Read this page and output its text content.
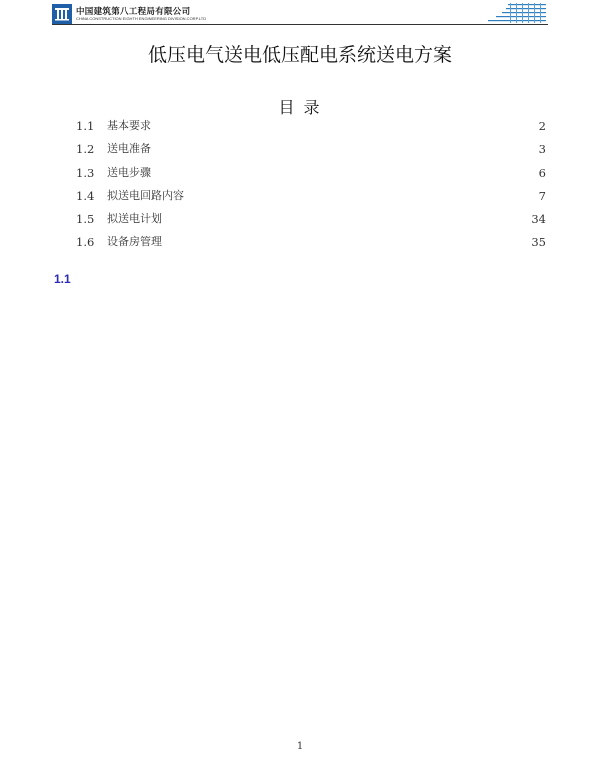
中国建筑第八工程局有限公司
CHINA CONSTRUCTION EIGHTH ENGINEERING DIVISION.CORP.LTD
低压电气送电低压配电系统送电方案
目 录
1.1 基本要求	2
1.2 送电准备	3
1.3 送电步骤	6
1.4 拟送电回路内容	7
1.5 拟送电计划	34
1.6 设备房管理	35
1.1
1
